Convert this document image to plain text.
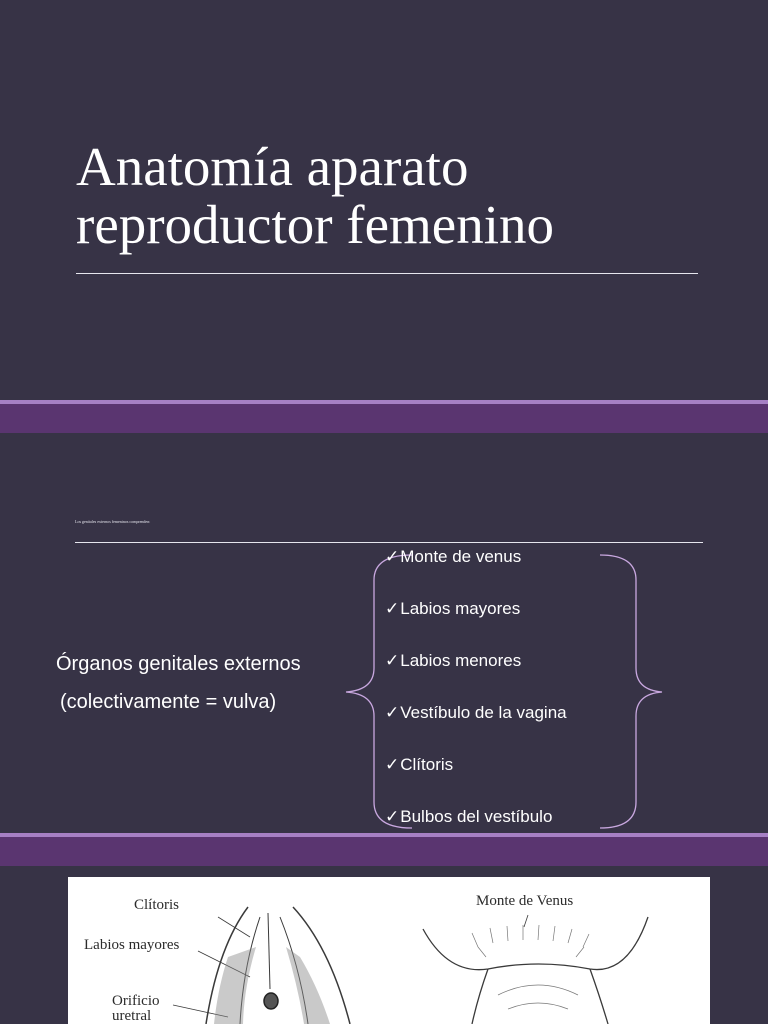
Anatomía aparato
reproductor femenino
Los genitales externos femeninos comprenden:
Órganos genitales externos
(colectivamente = vulva)
✓ Monte de venus
✓ Labios mayores
✓ Labios menores
✓ Vestíbulo de la vagina
✓ Clítoris
✓ Bulbos del vestíbulo
Clítoris
Labios mayores
Orificio
uretral
Monte de Venus
